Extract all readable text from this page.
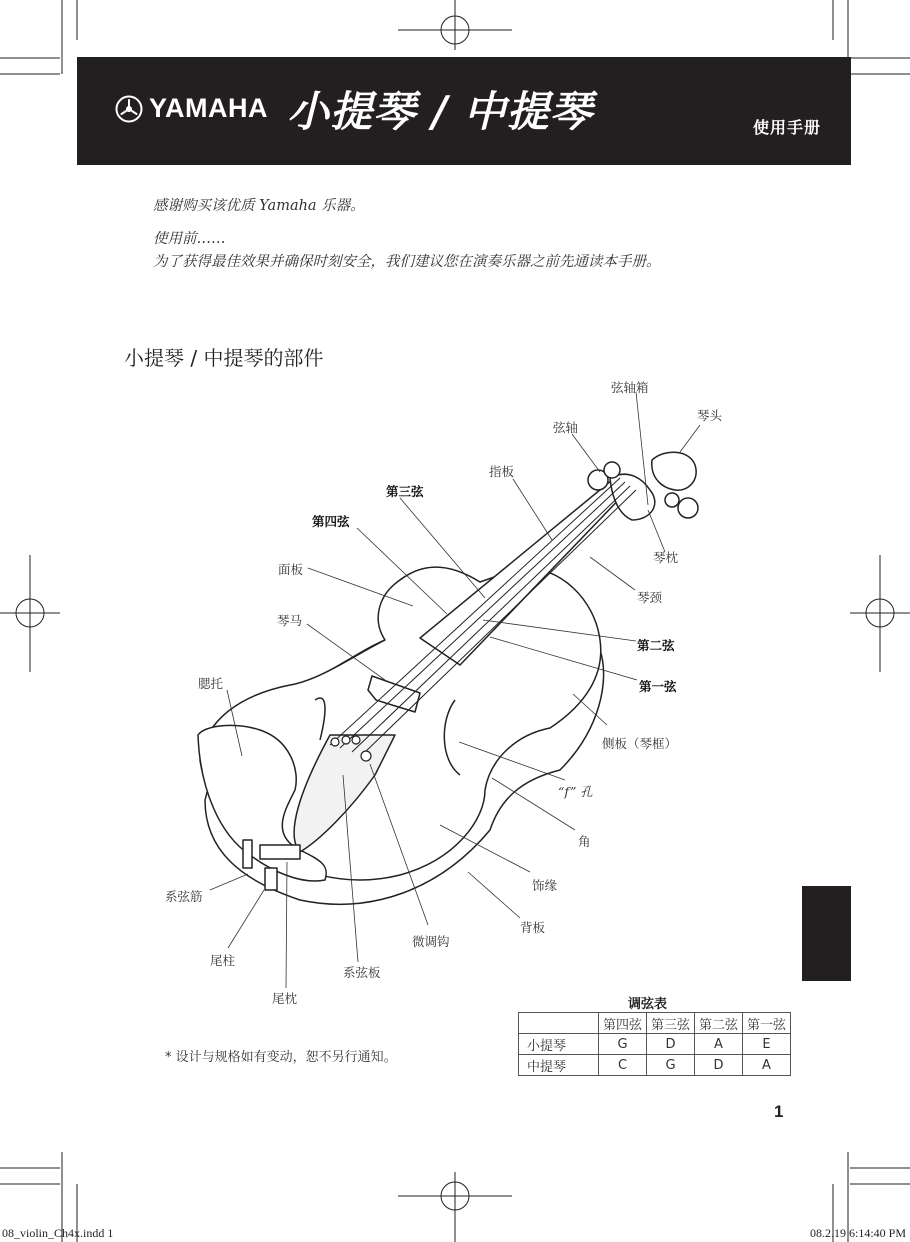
YAMAHA 小提琴 / 中提琴	使用手册
感谢购买该优质 Yamaha 乐器。
使用前……
为了获得最佳效果并确保时刻安全，我们建议您在演奏乐器之前先通读本手册。
小提琴 / 中提琴的部件
弦轴箱
琴头
弦轴
指板
第三弦
第四弦
琴枕
面板
琴颈
琴马
第二弦
腮托	第一弦
侧板（琴框）
“f” 孔
角
饰缘
系弦筋
背板
微调钩
尾柱
系弦板
尾枕	调弦表
	第四弦	第三弦	第二弦	第一弦
小提琴	G	D	A	E
中提琴	C	G	D	A
* 设计与规格如有变动，恕不另行通知。
1
08_violin_Ch4x.indd 1	08.2.19 6:14:40 PM
